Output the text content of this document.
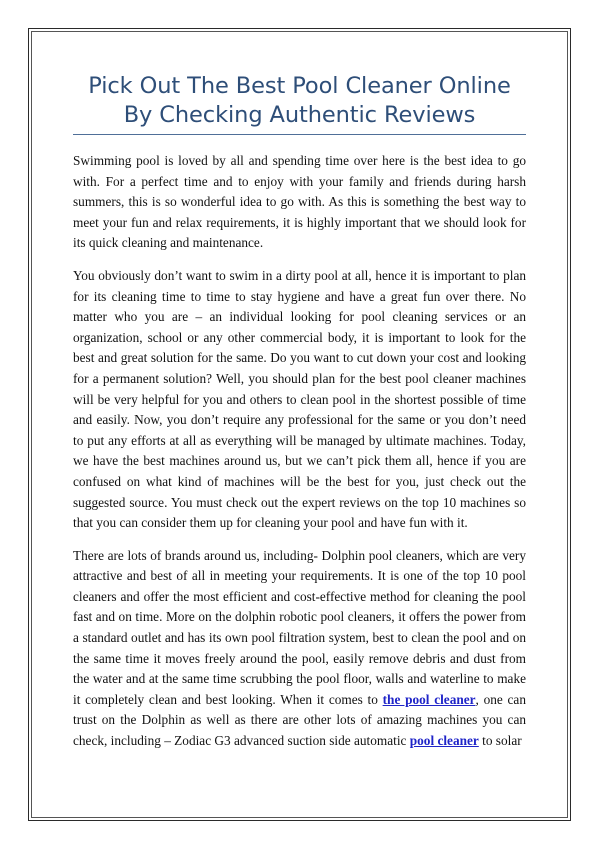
Pick Out The Best Pool Cleaner Online
By Checking Authentic Reviews

Swimming pool is loved by all and spending time over here is the best idea to go with. For a perfect time and to enjoy with your family and friends during harsh summers, this is so wonderful idea to go with. As this is something the best way to meet your fun and relax requirements, it is highly important that we should look for its quick cleaning and maintenance.

You obviously don’t want to swim in a dirty pool at all, hence it is important to plan for its cleaning time to time to stay hygiene and have a great fun over there. No matter who you are – an individual looking for pool cleaning services or an organization, school or any other commercial body, it is important to look for the best and great solution for the same. Do you want to cut down your cost and looking for a permanent solution? Well, you should plan for the best pool cleaner machines will be very helpful for you and others to clean pool in the shortest possible of time and easily. Now, you don’t require any professional for the same or you don’t need to put any efforts at all as everything will be managed by ultimate machines. Today, we have the best machines around us, but we can’t pick them all, hence if you are confused on what kind of machines will be the best for you, just check out the suggested source. You must check out the expert reviews on the top 10 machines so that you can consider them up for cleaning your pool and have fun with it.

There are lots of brands around us, including- Dolphin pool cleaners, which are very attractive and best of all in meeting your requirements. It is one of the top 10 pool cleaners and offer the most efficient and cost-effective method for cleaning the pool fast and on time. More on the dolphin robotic pool cleaners, it offers the power from a standard outlet and has its own pool filtration system, best to clean the pool and on the same time it moves freely around the pool, easily remove debris and dust from the water and at the same time scrubbing the pool floor, walls and waterline to make it completely clean and best looking. When it comes to the pool cleaner, one can trust on the Dolphin as well as there are other lots of amazing machines you can check, including – Zodiac G3 advanced suction side automatic pool cleaner to solar
